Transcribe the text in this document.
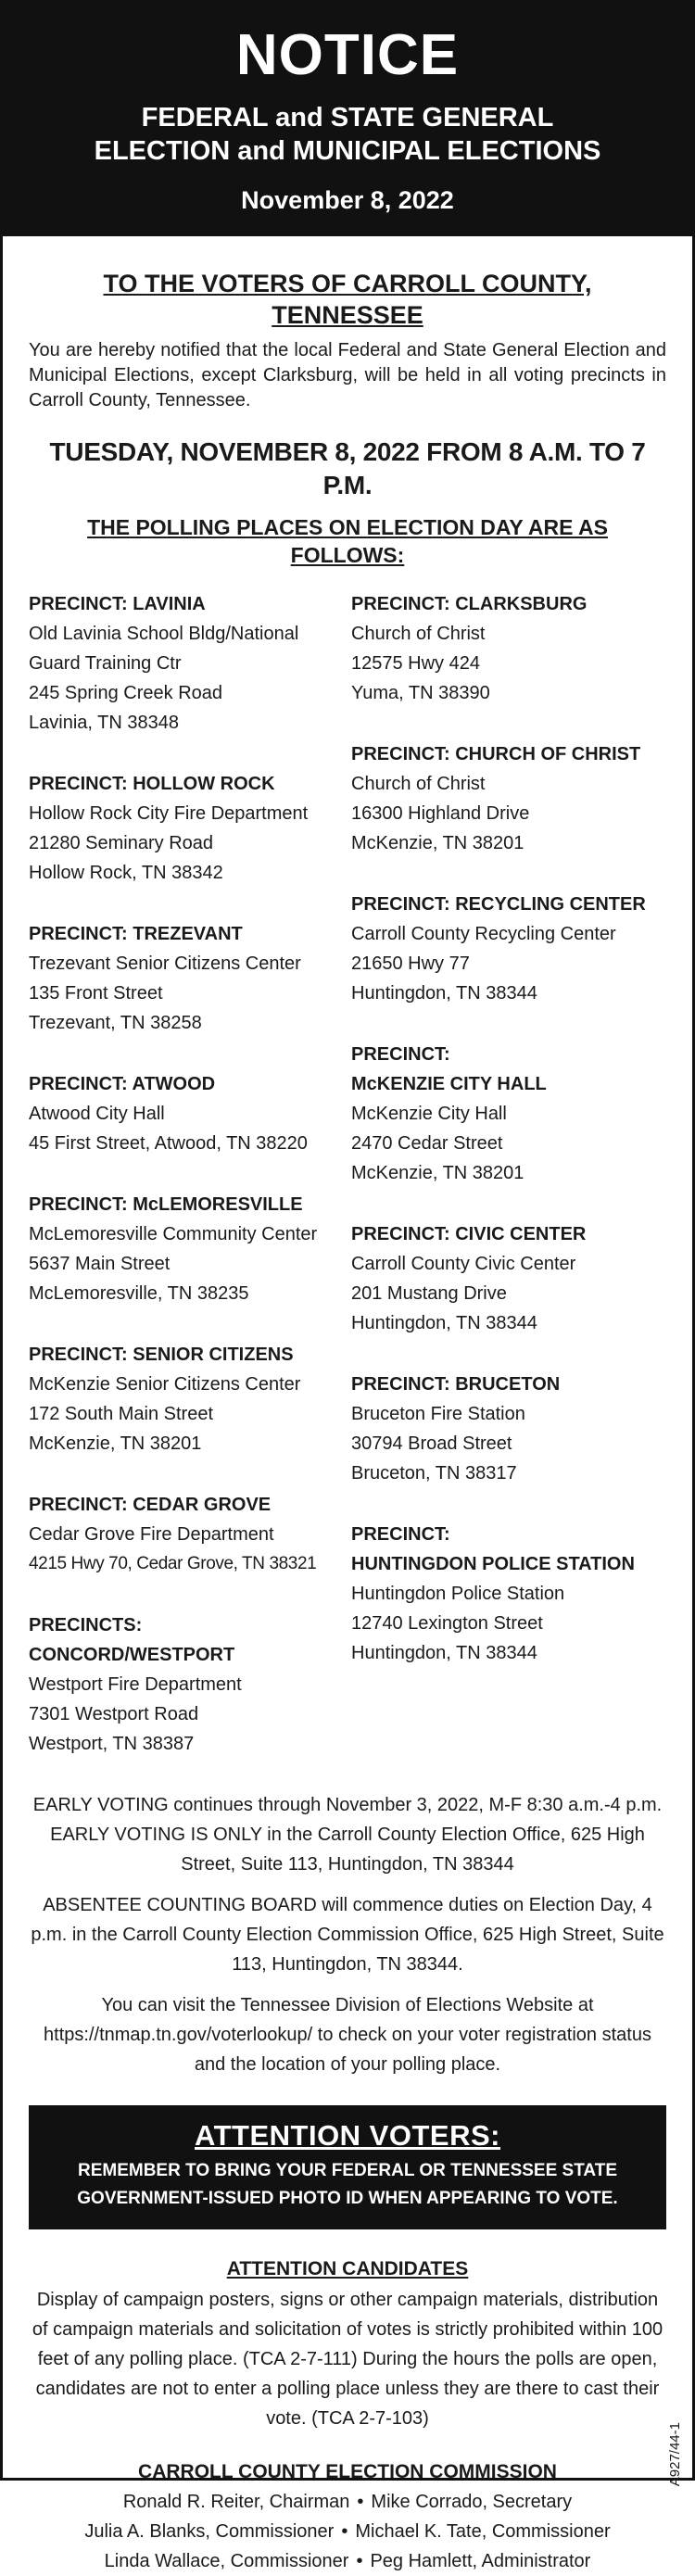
NOTICE
FEDERAL and STATE GENERAL
ELECTION and MUNICIPAL ELECTIONS
November 8, 2022
TO THE VOTERS OF CARROLL COUNTY, TENNESSEE
You are hereby notified that the local Federal and State General Election and Municipal Elections, except Clarksburg, will be held in all voting precincts in Carroll County, Tennessee.
TUESDAY, NOVEMBER 8, 2022 FROM 8 A.M. TO 7 P.M.
THE POLLING PLACES ON ELECTION DAY ARE AS FOLLOWS:
PRECINCT: LAVINIA
Old Lavinia School Bldg/National
Guard Training Ctr
245 Spring Creek Road
Lavinia, TN 38348
PRECINCT: HOLLOW ROCK
Hollow Rock City Fire Department
21280 Seminary Road
Hollow Rock, TN 38342
PRECINCT: TREZEVANT
Trezevant Senior Citizens Center
135 Front Street
Trezevant, TN 38258
PRECINCT: ATWOOD
Atwood City Hall
45 First Street, Atwood, TN 38220
PRECINCT: McLEMORESVILLE
McLemoresville Community Center
5637 Main Street
McLemoresville, TN 38235
PRECINCT: SENIOR CITIZENS
McKenzie Senior Citizens Center
172 South Main Street
McKenzie, TN 38201
PRECINCT: CEDAR GROVE
Cedar Grove Fire Department
4215 Hwy 70, Cedar Grove, TN 38321
PRECINCTS:
CONCORD/WESTPORT
Westport Fire Department
7301 Westport Road
Westport, TN 38387
PRECINCT: CLARKSBURG
Church of Christ
12575 Hwy 424
Yuma, TN 38390
PRECINCT: CHURCH OF CHRIST
Church of Christ
16300 Highland Drive
McKenzie, TN 38201
PRECINCT: RECYCLING CENTER
Carroll County Recycling Center
21650 Hwy 77
Huntingdon, TN 38344
PRECINCT:
McKENZIE CITY HALL
McKenzie City Hall
2470 Cedar Street
McKenzie, TN 38201
PRECINCT: CIVIC CENTER
Carroll County Civic Center
201 Mustang Drive
Huntingdon, TN 38344
PRECINCT: BRUCETON
Bruceton Fire Station
30794 Broad Street
Bruceton, TN 38317
PRECINCT:
HUNTINGDON POLICE STATION
Huntingdon Police Station
12740 Lexington Street
Huntingdon, TN 38344
EARLY VOTING continues through November 3, 2022, M-F 8:30 a.m.-4 p.m. EARLY VOTING IS ONLY in the Carroll County Election Office, 625 High Street, Suite 113, Huntingdon, TN 38344
ABSENTEE COUNTING BOARD will commence duties on Election Day, 4 p.m. in the Carroll County Election Commission Office, 625 High Street, Suite 113, Huntingdon, TN 38344.
You can visit the Tennessee Division of Elections Website at https://tnmap.tn.gov/voterlookup/ to check on your voter registration status and the location of your polling place.
ATTENTION VOTERS:
REMEMBER TO BRING YOUR FEDERAL OR TENNESSEE STATE GOVERNMENT-ISSUED PHOTO ID WHEN APPEARING TO VOTE.
ATTENTION CANDIDATES
Display of campaign posters, signs or other campaign materials, distribution of campaign materials and solicitation of votes is strictly prohibited within 100 feet of any polling place. (TCA 2-7-111) During the hours the polls are open, candidates are not to enter a polling place unless they are there to cast their vote. (TCA 2-7-103)
CARROLL COUNTY ELECTION COMMISSION
Ronald R. Reiter, Chairman • Mike Corrado, Secretary
Julia A. Blanks, Commissioner • Michael K. Tate, Commissioner
Linda Wallace, Commissioner • Peg Hamlett, Administrator
A927/44-1
